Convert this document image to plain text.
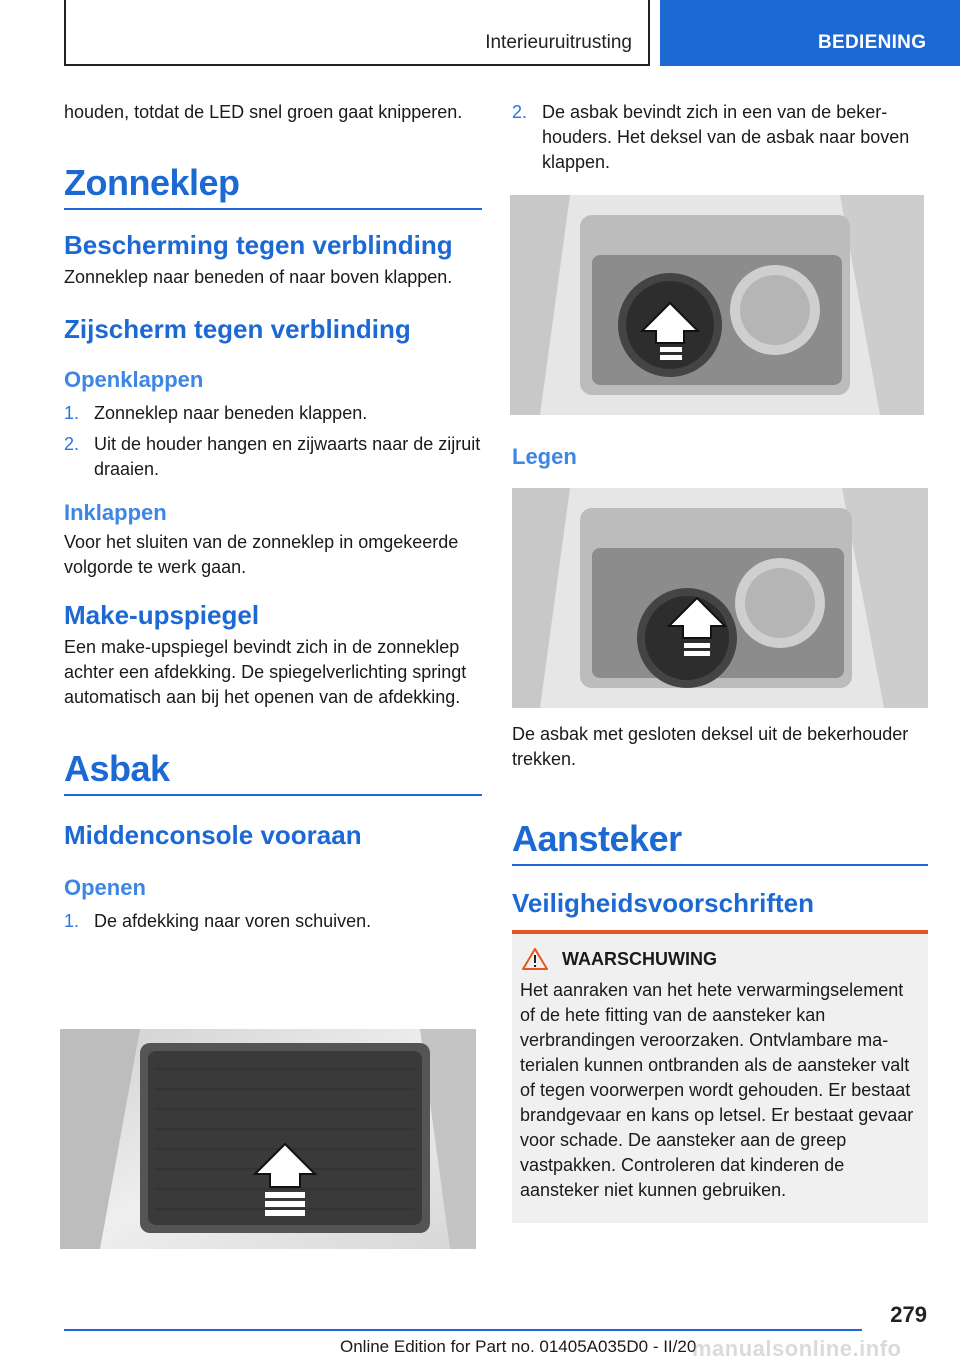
Interieuruitrusting	BEDIENING

houden, totdat de LED snel groen gaat knipperen.

Zonneklep
Bescherming tegen verblinding

Zonneklep naar beneden of naar boven klappen.

Zijscherm tegen verblinding
Openklappen
1. Zonneklep naar beneden klappen.
2. Uit de houder hangen en zijwaarts naar de zijruit draaien.
Inklappen

Voor het sluiten van de zonneklep in omgekeerde volgorde te werk gaan.

Make-upspiegel

Een make-upspiegel bevindt zich in de zonneklep achter een afdekking. De spiegelverlichting springt automatisch aan bij het openen van de afdekking.

Asbak
Middenconsole vooraan
Openen
1. De afdekking naar voren schuiven.
2. De asbak bevindt zich in een van de bekerhouders. Het deksel van de asbak naar boven klappen.
Legen

De asbak met gesloten deksel uit de bekerhouder trekken.

Aansteker
Veiligheidsvoorschriften
WAARSCHUWING

Het aanraken van het hete verwarmingselement of de hete fitting van de aansteker kan verbrandingen veroorzaken. Ontvlambare materialen kunnen ontbranden als de aansteker valt of tegen voorwerpen wordt gehouden. Er bestaat brandgevaar en kans op letsel. Er bestaat gevaar voor schade. De aansteker aan de greep vastpakken. Controleren dat kinderen de aansteker niet kunnen gebruiken.

279
Online Edition for Part no. 01405A035D0 - II/20
manualsonline.info
